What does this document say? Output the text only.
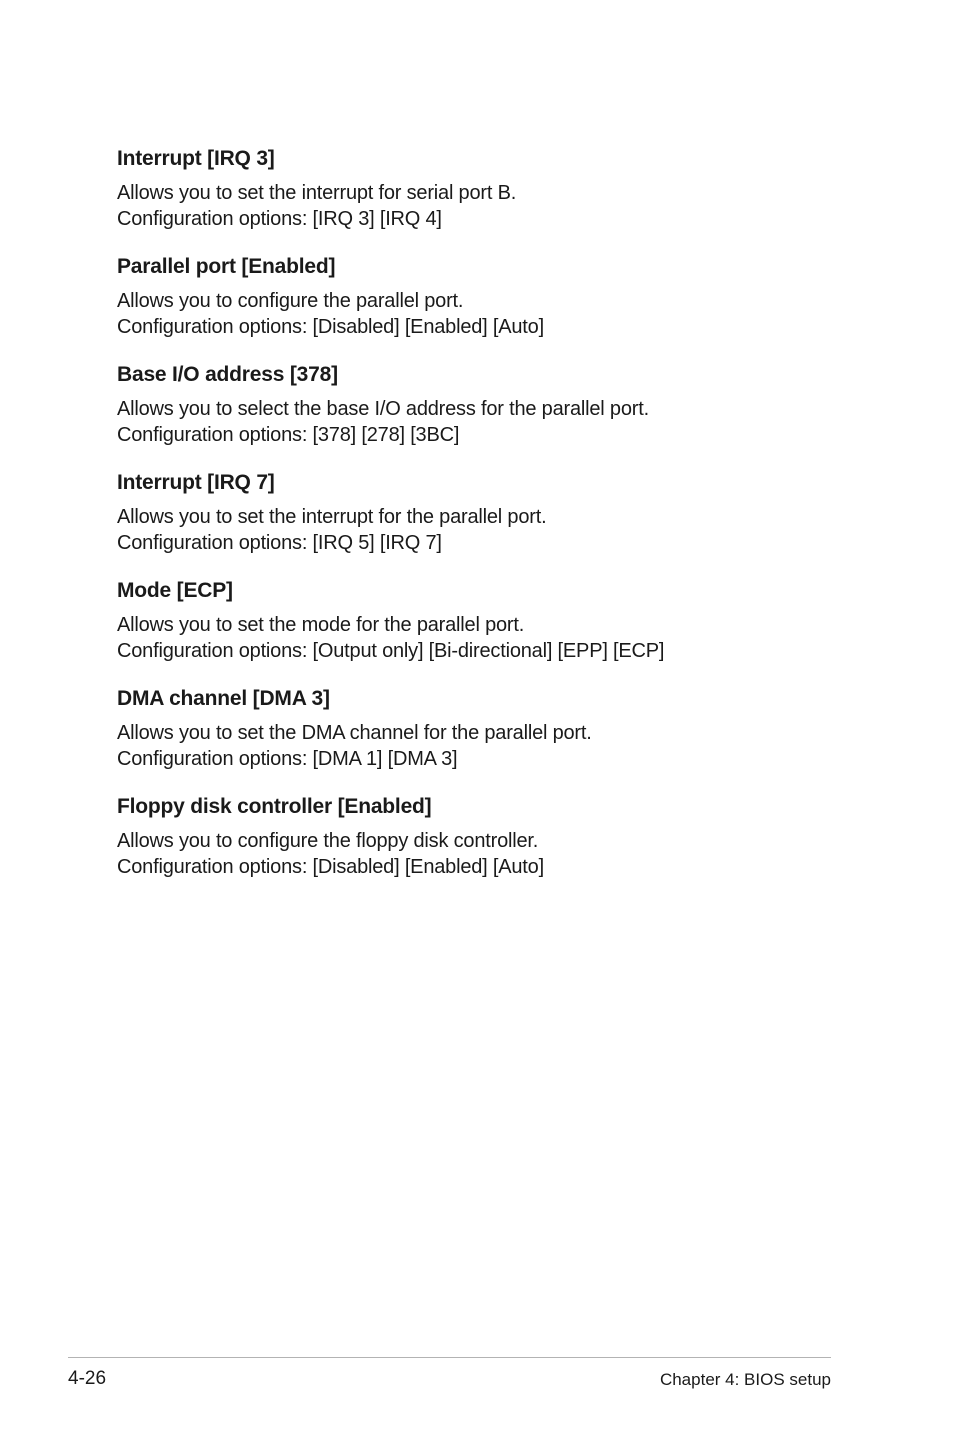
Interrupt [IRQ 3]

Allows you to set the interrupt for serial port B.

Configuration options: [IRQ 3] [IRQ 4]

Parallel port [Enabled]

Allows you to configure the parallel port.

Configuration options: [Disabled] [Enabled] [Auto]

Base I/O address [378]

Allows you to select the base I/O address for the parallel port.

Configuration options: [378] [278] [3BC]

Interrupt [IRQ 7]

Allows you to set the interrupt for the parallel port.

Configuration options: [IRQ 5] [IRQ 7]

Mode [ECP]

Allows you to set the mode for the parallel port.

Configuration options: [Output only] [Bi-directional] [EPP] [ECP]

DMA channel [DMA 3]

Allows you to set the DMA channel for the parallel port.

Configuration options: [DMA 1] [DMA 3]

Floppy disk controller [Enabled]

Allows you to configure the floppy disk controller.

Configuration options: [Disabled] [Enabled] [Auto]

4-26	Chapter 4: BIOS setup
